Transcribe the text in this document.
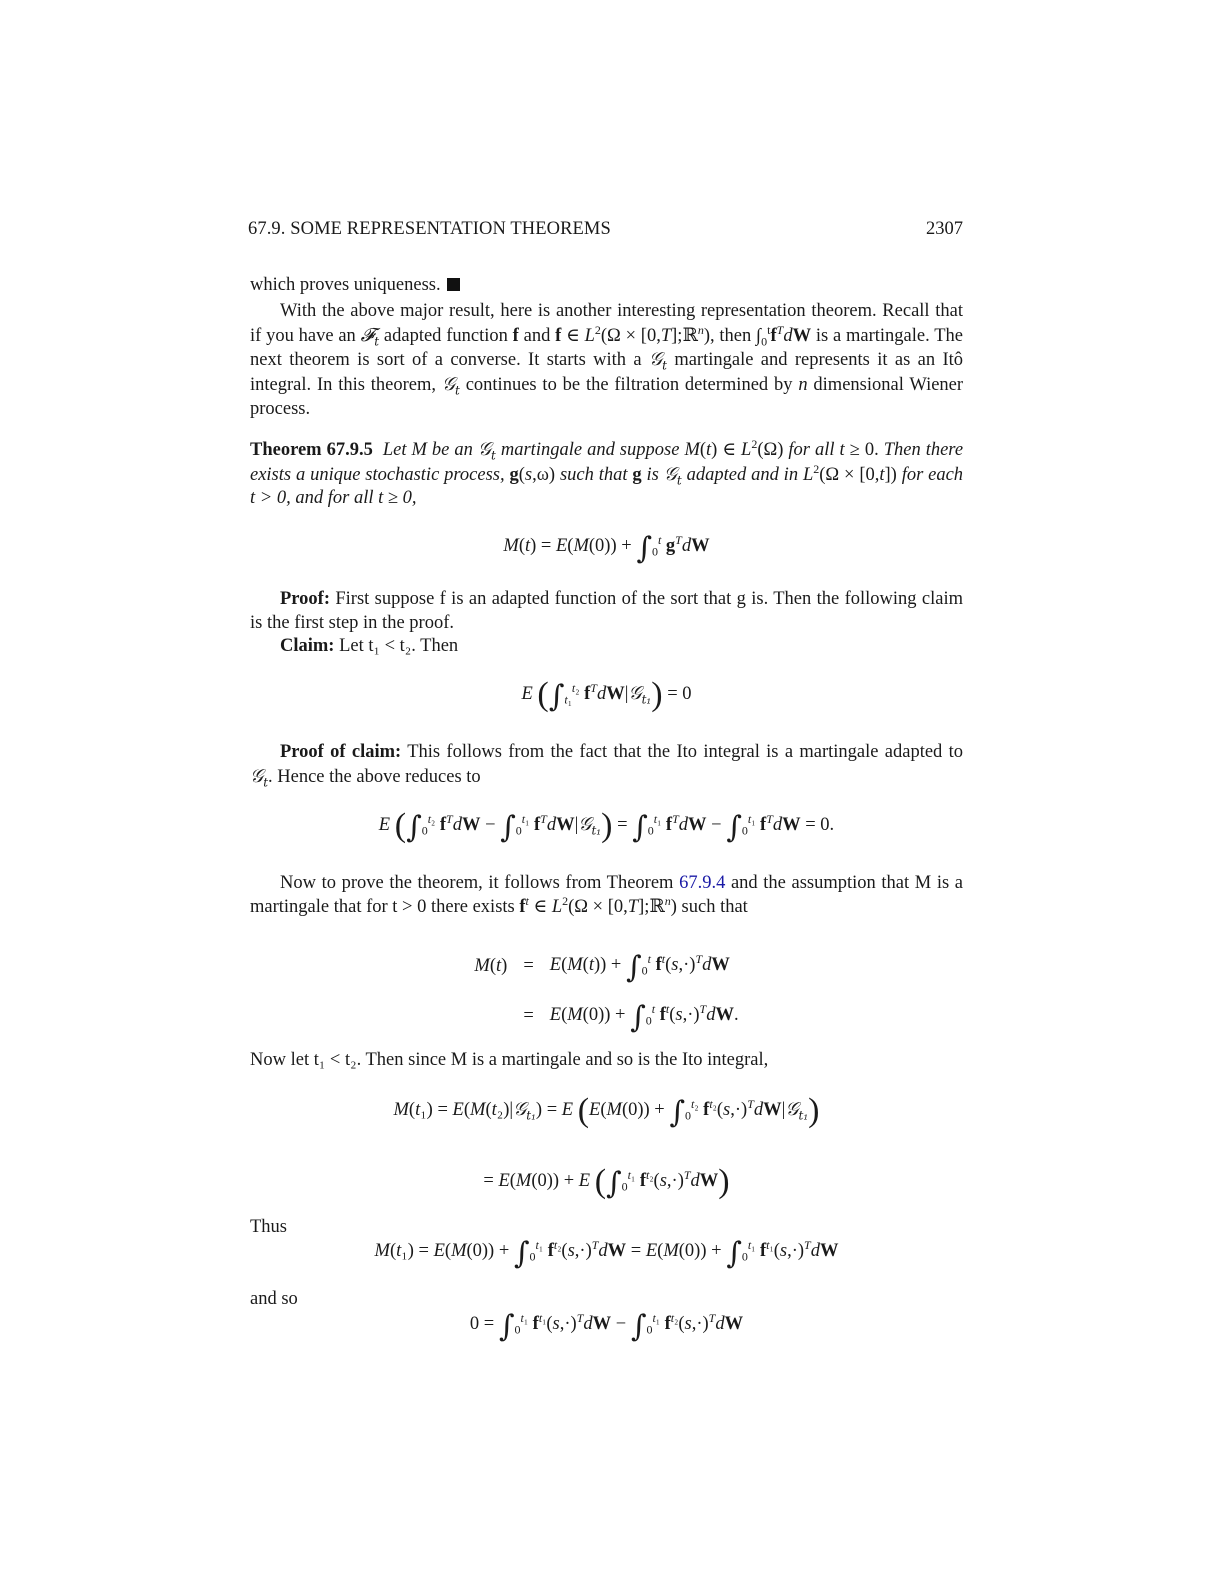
67.9. SOME REPRESENTATION THEOREMS	2307
which proves uniqueness.

With the above major result, here is another interesting representation theorem. Recall that if you have an 𝓕$_t$ adapted function f and f ∈ $L^2(\Omega$ × [0,T];ℝ$^n$), then $\int_0^tf^TdW$ is a martingale. The next theorem is sort of a converse. It starts with a 𝒢$_t$ martingale and represents it as an Itô integral. In this theorem, 𝒢$_t$ continues to be the filtration determined by n dimensional Wiener process.

Theorem 67.9.5 Let M be an 𝒢$_t$ martingale and suppose M(t) ∈ $L^2(\Omega)$ for all t ≥ 0. Then there exists a unique stochastic process, g(s,ω) such that g is 𝒢$_t$ adapted and in $L^2(\Omega \times [0,t])$ for each t > 0, and for all t ≥ 0,

$M(t) = E(M(0)) + \int_0^t$ $g^TdW$

Proof: First suppose f is an adapted function of the sort that g is. Then the following claim is the first step in the proof.

Claim: Let t₁ < t₂. Then

E ($\int_{t_1}^{t_2}$ $f^TdW|𝒢_{t_1}) = 0$

Proof of claim: This follows from the fact that the Ito integral is a martingale adapted to 𝒢$_t$. Hence the above reduces to

E ($\int_0^{t_2}$ $f^TdW - \int_0^{t_1}$ $f^TdW|𝒢_{t_1}) = \int_0^{t_1}$ $f^TdW - \int_0^{t_1}$ $f^TdW = 0$.

Now to prove the theorem, it follows from Theorem 67.9.4 and the assumption that M is a martingale that for t > 0 there exists $f^t$ ∈ $L^2(\Omega$ × [0,T];ℝ$^n$) such that

M(t)	=	$E(M(t)) + \int_0^t$ $f^t(s,\cdot)^TdW$
	=	$E(M(0)) + \int_0^t$ $f^t(s,\cdot)^TdW$.

Now let t₁ < t₂. Then since M is a martingale and so is the Ito integral,

M(t₁) = E(M(t₂)|𝒢$_{t_1}$) = E ($E(M(0)) + \int_0^{t_2}$ $f^{t_2}(s,\cdot)^TdW|𝒢_{t_1}$)
= E(M(0)) + E ($\int_0^{t_1}$ $f^{t_2}(s,\cdot)^TdW$)
Thus
$M(t_1) = E(M(0)) + \int_0^{t_1}$ $f^{t_2}(s,\cdot)^TdW = E(M(0)) + \int_0^{t_1}$ $f^{t_1}(s,\cdot)^TdW$
and so
$0 = \int_0^{t_1}$ $f^{t_1}(s,\cdot)^TdW - \int_0^{t_1}$ $f^{t_2}(s,\cdot)^TdW$
